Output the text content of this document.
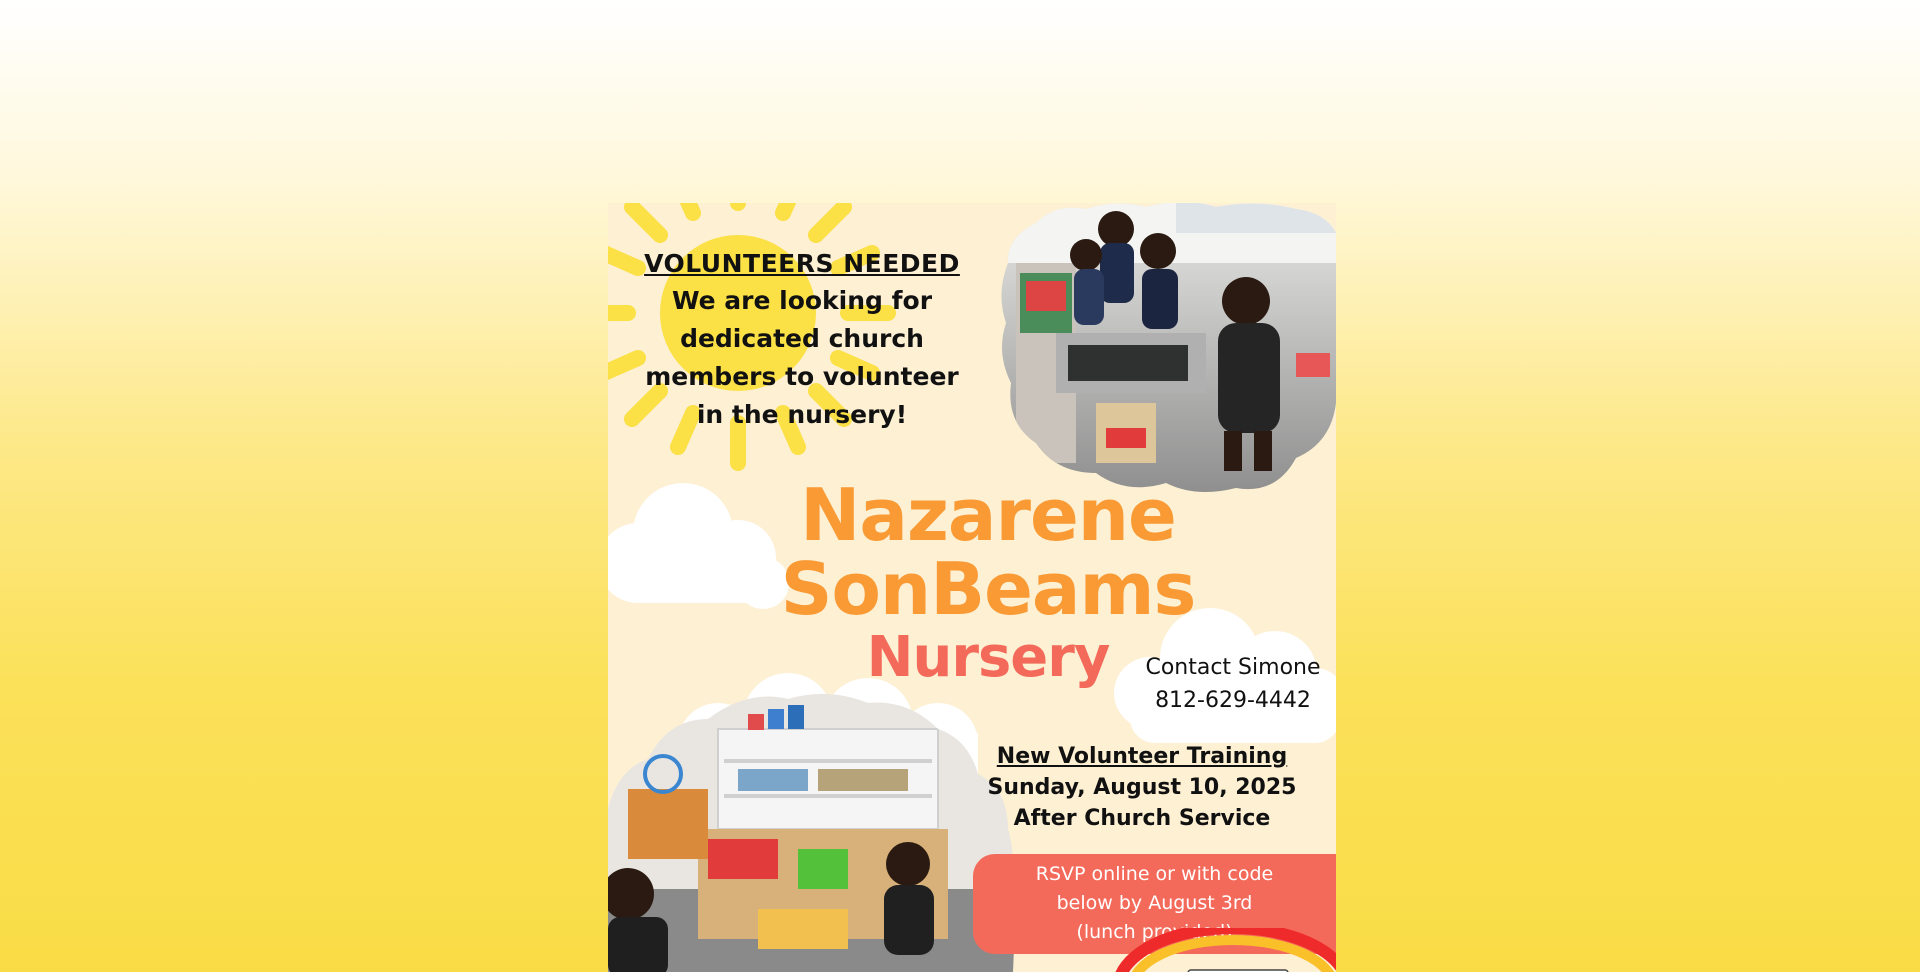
VOLUNTEERS NEEDED
We are looking for
dedicated church
members to volunteer
in the nursery!
Nazarene
SonBeams
Nursery	Contact Simone
812-629-4442
New Volunteer Training
Sunday, August 10, 2025
After Church Service
RSVP online or with code
below by August 3rd
(lunch provided)
